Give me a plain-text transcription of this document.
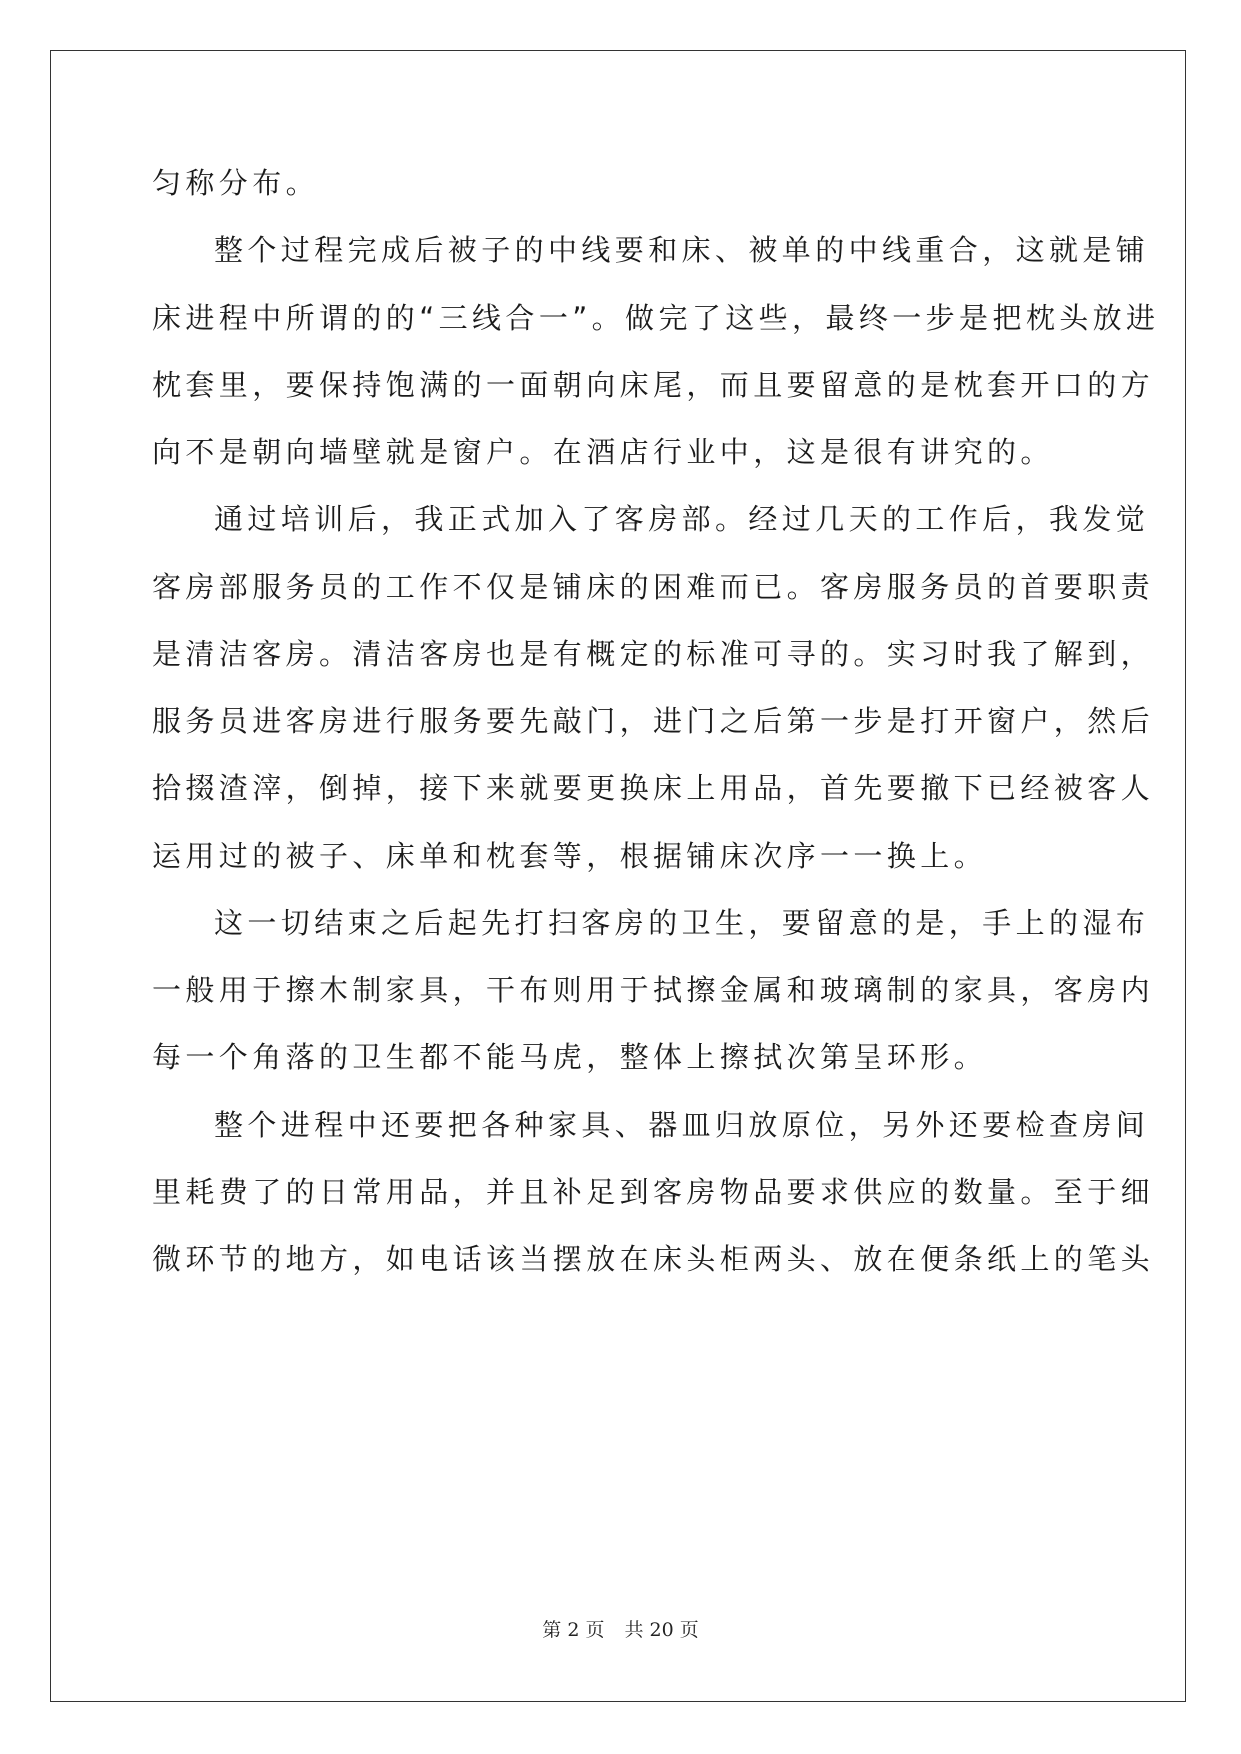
匀称分布。
整个过程完成后被子的中线要和床、被单的中线重合，这就是铺
床进程中所谓的的“三线合一”。做完了这些，最终一步是把枕头放进
枕套里，要保持饱满的一面朝向床尾，而且要留意的是枕套开口的方
向不是朝向墙壁就是窗户。在酒店行业中，这是很有讲究的。
通过培训后，我正式加入了客房部。经过几天的工作后，我发觉
客房部服务员的工作不仅是铺床的困难而已。客房服务员的首要职责
是清洁客房。清洁客房也是有概定的标准可寻的。实习时我了解到，
服务员进客房进行服务要先敲门，进门之后第一步是打开窗户，然后
拾掇渣滓，倒掉，接下来就要更换床上用品，首先要撤下已经被客人
运用过的被子、床单和枕套等，根据铺床次序一一换上。
这一切结束之后起先打扫客房的卫生，要留意的是，手上的湿布
一般用于擦木制家具，干布则用于拭擦金属和玻璃制的家具，客房内
每一个角落的卫生都不能马虎，整体上擦拭次第呈环形。
整个进程中还要把各种家具、器皿归放原位，另外还要检查房间
里耗费了的日常用品，并且补足到客房物品要求供应的数量。至于细
微环节的地方，如电话该当摆放在床头柜两头、放在便条纸上的笔头
第 2 页 共 20 页
